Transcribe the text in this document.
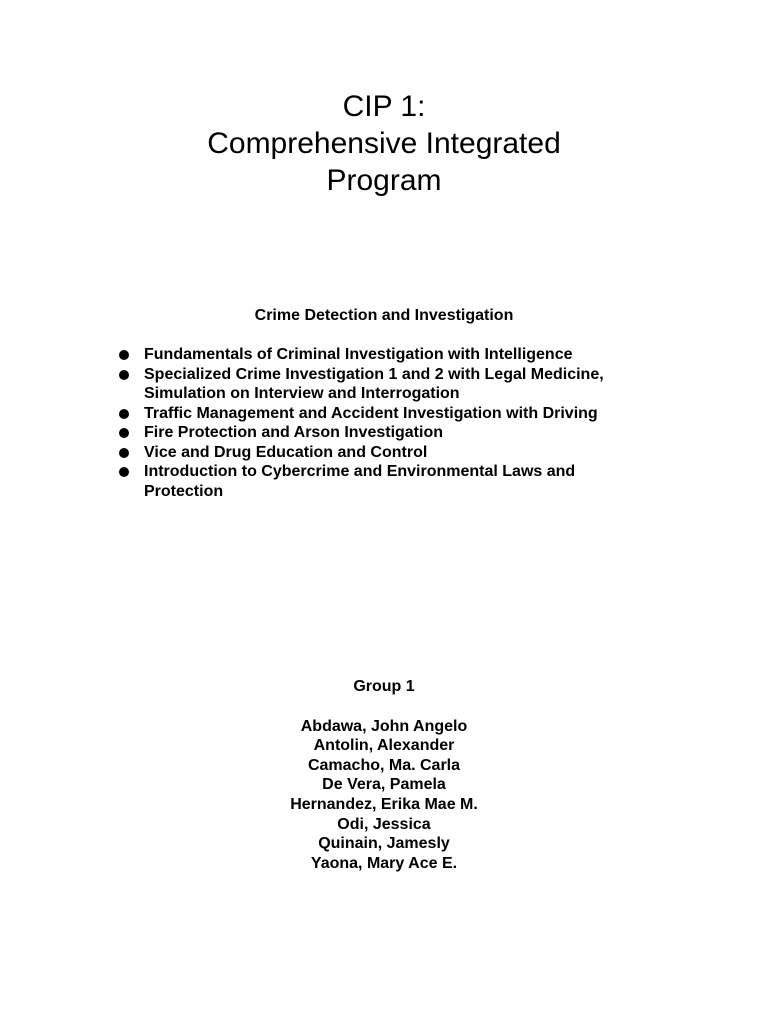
CIP 1:
Comprehensive Integrated
Program
Crime Detection and Investigation
Fundamentals of Criminal Investigation with Intelligence
Specialized Crime Investigation 1 and 2 with Legal Medicine, Simulation on Interview and Interrogation
Traffic Management and Accident Investigation with Driving
Fire Protection and Arson Investigation
Vice and Drug Education and Control
Introduction to Cybercrime and Environmental Laws and Protection
Group 1
Abdawa, John Angelo
Antolin, Alexander
Camacho, Ma. Carla
De Vera, Pamela
Hernandez, Erika Mae M.
Odi, Jessica
Quinain, Jamesly
Yaona, Mary Ace E.
